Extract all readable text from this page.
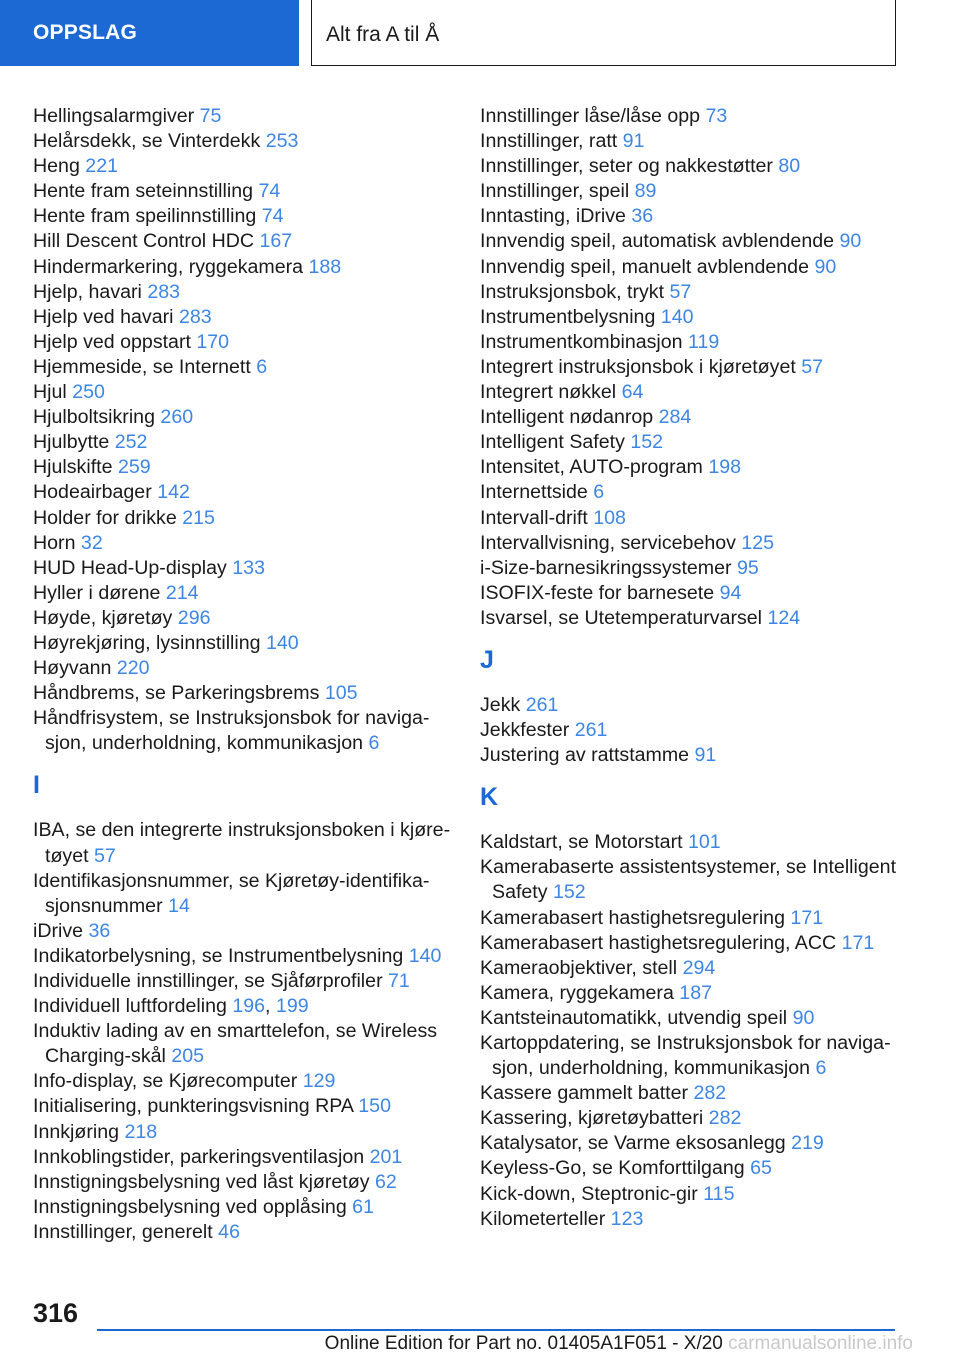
OPPSLAG	Alt fra A til Å
Hellingsalarmgiver 75
Helårsdekk, se Vinterdekk 253
Heng 221
Hente fram seteinnstilling 74
Hente fram speilinnstilling 74
Hill Descent Control HDC 167
Hindermarkering, ryggekamera 188
Hjelp, havari 283
Hjelp ved havari 283
Hjelp ved oppstart 170
Hjemmeside, se Internett 6
Hjul 250
Hjulboltsikring 260
Hjulbytte 252
Hjulskifte 259
Hodeairbager 142
Holder for drikke 215
Horn 32
HUD Head-Up-display 133
Hyller i dørene 214
Høyde, kjøretøy 296
Høyrekjøring, lysinnstilling 140
Høyvann 220
Håndbrems, se Parkeringsbrems 105
Håndfrisystem, se Instruksjonsbok for naviga‐sjon, underholdning, kommunikasjon 6
I
IBA, se den integrerte instruksjonsboken i kjøre‐tøyet 57
Identifikasjonsnummer, se Kjøretøy-identifika‐sjonsnummer 14
iDrive 36
Indikatorbelysning, se Instrumentbelysning 140
Individuelle innstillinger, se Sjåførprofiler 71
Individuell luftfordeling 196, 199
Induktiv lading av en smarttelefon, se Wireless Charging-skål 205
Info-display, se Kjørecomputer 129
Initialisering, punkteringsvisning RPA 150
Innkjøring 218
Innkoblingstider, parkeringsventilasjon 201
Innstigningsbelysning ved låst kjøretøy 62
Innstigningsbelysning ved opplåsing 61
Innstillinger, generelt 46
Innstillinger låse/låse opp 73
Innstillinger, ratt 91
Innstillinger, seter og nakkestøtter 80
Innstillinger, speil 89
Inntasting, iDrive 36
Innvendig speil, automatisk avblendende 90
Innvendig speil, manuelt avblendende 90
Instruksjonsbok, trykt 57
Instrumentbelysning 140
Instrumentkombinasjon 119
Integrert instruksjonsbok i kjøretøyet 57
Integrert nøkkel 64
Intelligent nødanrop 284
Intelligent Safety 152
Intensitet, AUTO-program 198
Internettside 6
Intervall-drift 108
Intervallvisning, servicebehov 125
i-Size-barnesikringssystemer 95
ISOFIX-feste for barnesete 94
Isvarsel, se Utetemperaturvarsel 124
J
Jekk 261
Jekkfester 261
Justering av rattstamme 91
K
Kaldstart, se Motorstart 101
Kamerabaserte assistentsystemer, se Intelligent Safety 152
Kamerabasert hastighetsregulering 171
Kamerabasert hastighetsregulering, ACC 171
Kameraobjektiver, stell 294
Kamera, ryggekamera 187
Kantsteinautomatikk, utvendig speil 90
Kartoppdatering, se Instruksjonsbok for naviga‐sjon, underholdning, kommunikasjon 6
Kassere gammelt batter 282
Kassering, kjøretøybatteri 282
Katalysator, se Varme eksosanlegg 219
Keyless-Go, se Komforttilgang 65
Kick-down, Steptronic-gir 115
Kilometerteller 123
316
Online Edition for Part no. 01405A1F051 - X/20 carmanualsonline.info
